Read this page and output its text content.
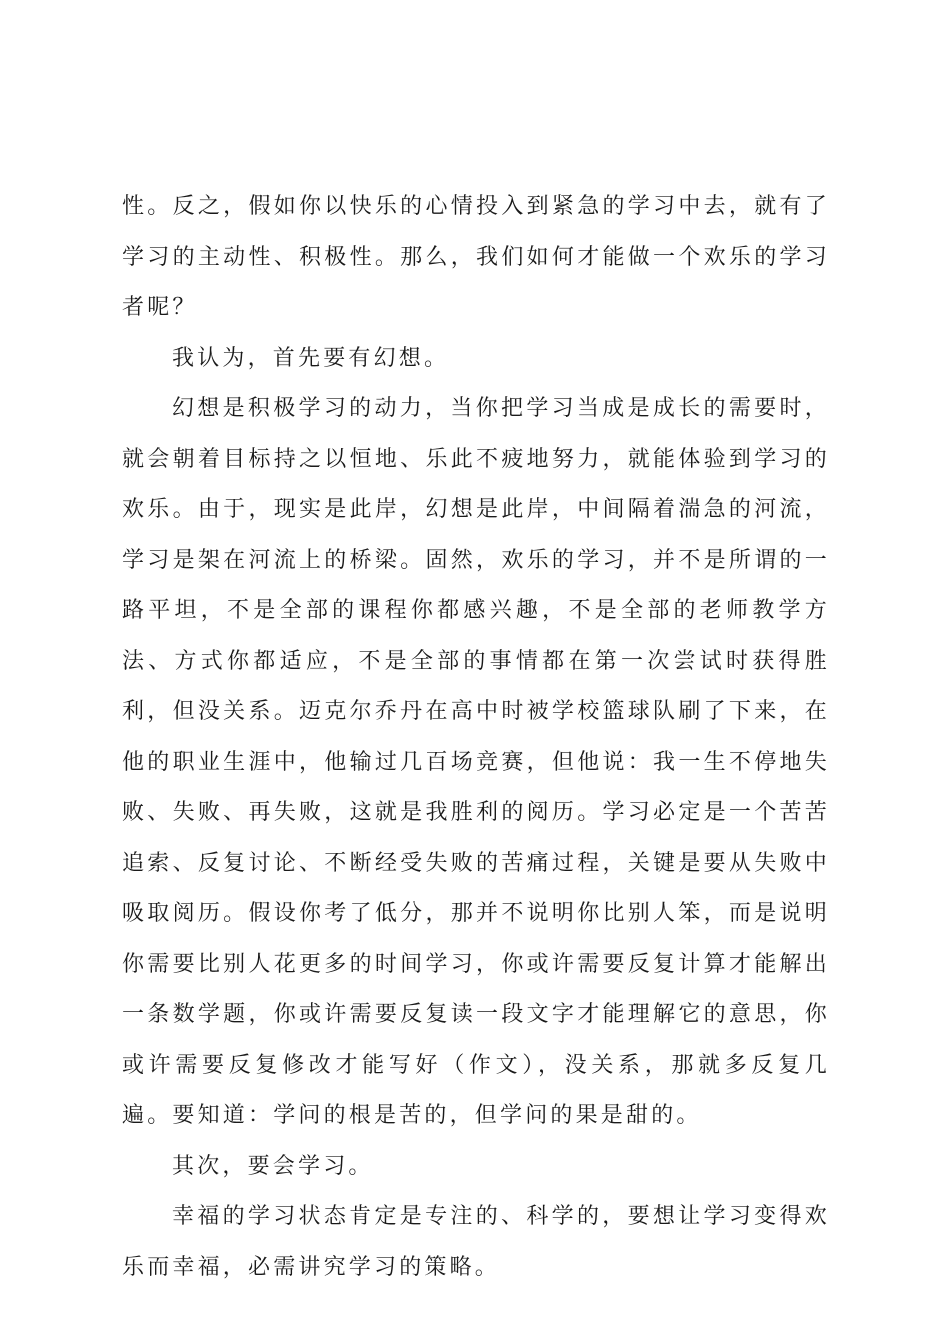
性。反之，假如你以快乐的心情投入到紧急的学习中去，就有了学习的主动性、积极性。那么，我们如何才能做一个欢乐的学习者呢？

我认为，首先要有幻想。

幻想是积极学习的动力，当你把学习当成是成长的需要时，就会朝着目标持之以恒地、乐此不疲地努力，就能体验到学习的欢乐。由于，现实是此岸，幻想是此岸，中间隔着湍急的河流，学习是架在河流上的桥梁。固然，欢乐的学习，并不是所谓的一路平坦，不是全部的课程你都感兴趣，不是全部的老师教学方法、方式你都适应，不是全部的事情都在第一次尝试时获得胜利，但没关系。迈克尔乔丹在高中时被学校篮球队刷了下来，在他的职业生涯中，他输过几百场竞赛，但他说：我一生不停地失败、失败、再失败，这就是我胜利的阅历。学习必定是一个苦苦追索、反复讨论、不断经受失败的苦痛过程，关键是要从失败中吸取阅历。假设你考了低分，那并不说明你比别人笨，而是说明你需要比别人花更多的时间学习，你或许需要反复计算才能解出一条数学题，你或许需要反复读一段文字才能理解它的意思，你或许需要反复修改才能写好（作文），没关系，那就多反复几遍。要知道：学问的根是苦的，但学问的果是甜的。

其次，要会学习。

幸福的学习状态肯定是专注的、科学的，要想让学习变得欢乐而幸福，必需讲究学习的策略。
